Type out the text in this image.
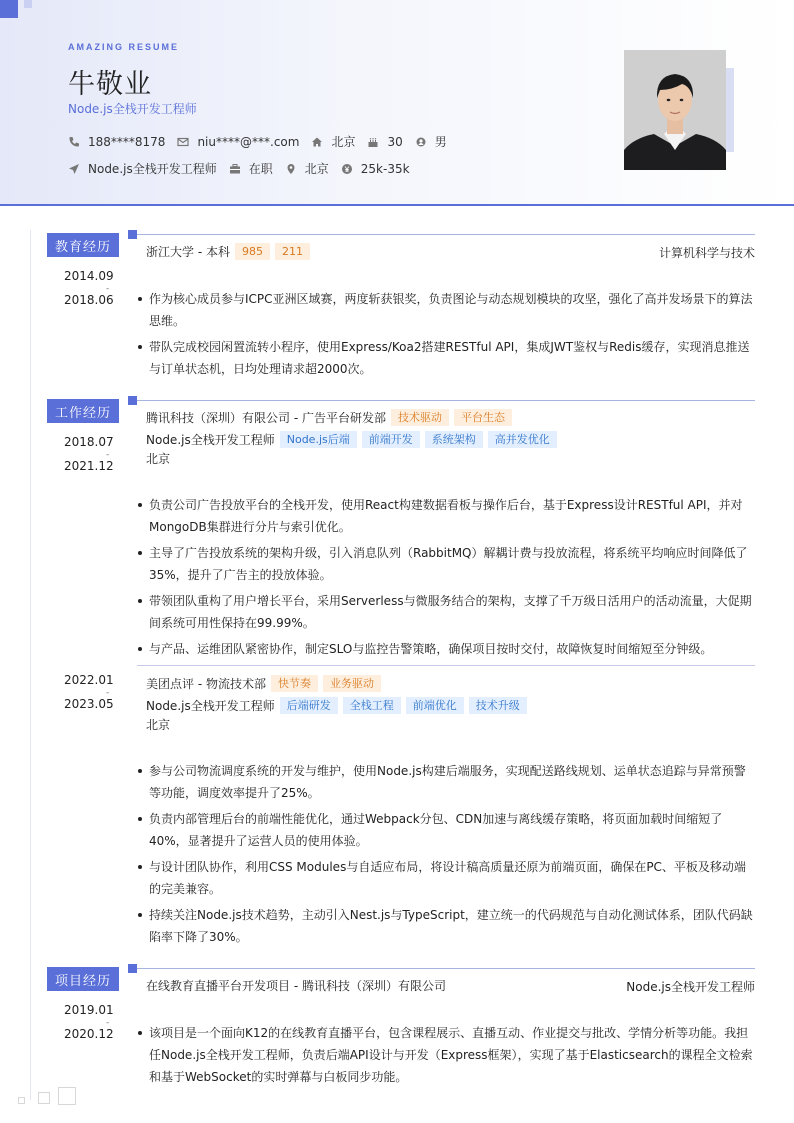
AMAZING RESUME
牛敬业
Node.js全栈开发工程师
188****8178	niu****@***.com	北京	30	男
Node.js全栈开发工程师	在职	北京	25k-35k
教育经历
2014.09
-
2018.06
浙江大学 - 本科	985	211	计算机科学与技术
作为核心成员参与ICPC亚洲区域赛，两度斩获银奖，负责图论与动态规划模块的攻坚，强化了高并发场景下的算法思维。
带队完成校园闲置流转小程序，使用Express/Koa2搭建RESTful API，集成JWT鉴权与Redis缓存，实现消息推送与订单状态机，日均处理请求超2000次。
工作经历
2018.07
-
2021.12
腾讯科技（深圳）有限公司 - 广告平台研发部	技术驱动	平台生态
Node.js全栈开发工程师	Node.js后端	前端开发	系统架构	高并发优化
北京
负责公司广告投放平台的全栈开发，使用React构建数据看板与操作后台，基于Express设计RESTful API，并对MongoDB集群进行分片与索引优化。
主导了广告投放系统的架构升级，引入消息队列（RabbitMQ）解耦计费与投放流程，将系统平均响应时间降低了35%，提升了广告主的投放体验。
带领团队重构了用户增长平台，采用Serverless与微服务结合的架构，支撑了千万级日活用户的活动流量，大促期间系统可用性保持在99.99%。
与产品、运维团队紧密协作，制定SLO与监控告警策略，确保项目按时交付，故障恢复时间缩短至分钟级。
2022.01
-
2023.05
美团点评 - 物流技术部	快节奏	业务驱动
Node.js全栈开发工程师	后端研发	全栈工程	前端优化	技术升级
北京
参与公司物流调度系统的开发与维护，使用Node.js构建后端服务，实现配送路线规划、运单状态追踪与异常预警等功能，调度效率提升了25%。
负责内部管理后台的前端性能优化，通过Webpack分包、CDN加速与离线缓存策略，将页面加载时间缩短了40%，显著提升了运营人员的使用体验。
与设计团队协作，利用CSS Modules与自适应布局，将设计稿高质量还原为前端页面，确保在PC、平板及移动端的完美兼容。
持续关注Node.js技术趋势，主动引入Nest.js与TypeScript，建立统一的代码规范与自动化测试体系，团队代码缺陷率下降了30%。
项目经历
2019.01
-
2020.12
在线教育直播平台开发项目 - 腾讯科技（深圳）有限公司	Node.js全栈开发工程师
该项目是一个面向K12的在线教育直播平台，包含课程展示、直播互动、作业提交与批改、学情分析等功能。我担任Node.js全栈开发工程师，负责后端API设计与开发（Express框架），实现了基于Elasticsearch的课程全文检索和基于WebSocket的实时弹幕与白板同步功能。
